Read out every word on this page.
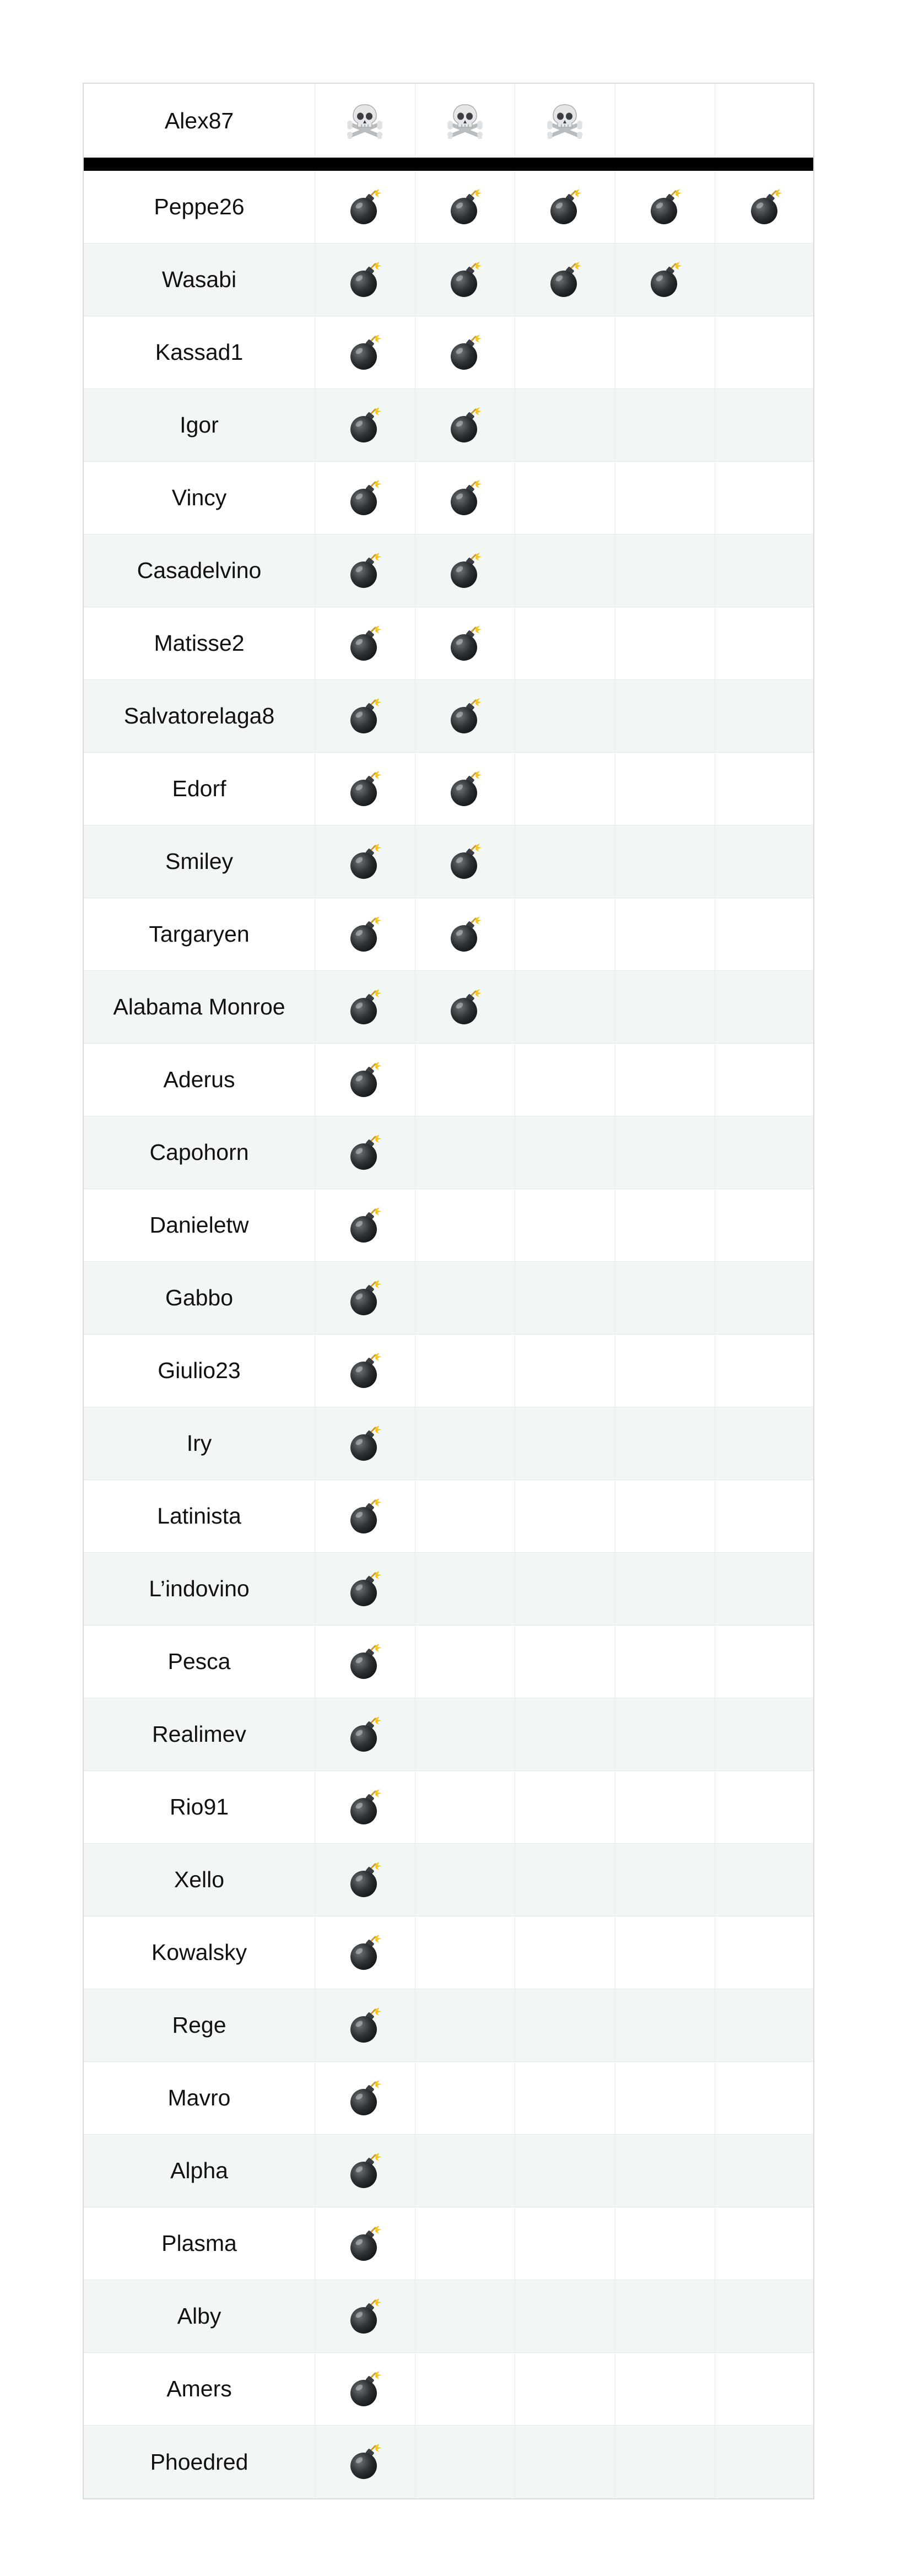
Alex87
Peppe26
Wasabi
Kassad1
Igor
Vincy
Casadelvino
Matisse2
Salvatorelaga8
Edorf
Smiley
Targaryen
Alabama Monroe
Aderus
Capohorn
Danieletw
Gabbo
Giulio23
Iry
Latinista
L’indovino
Pesca
Realimev
Rio91
Xello
Kowalsky
Rege
Mavro
Alpha
Plasma
Alby
Amers
Phoedred
